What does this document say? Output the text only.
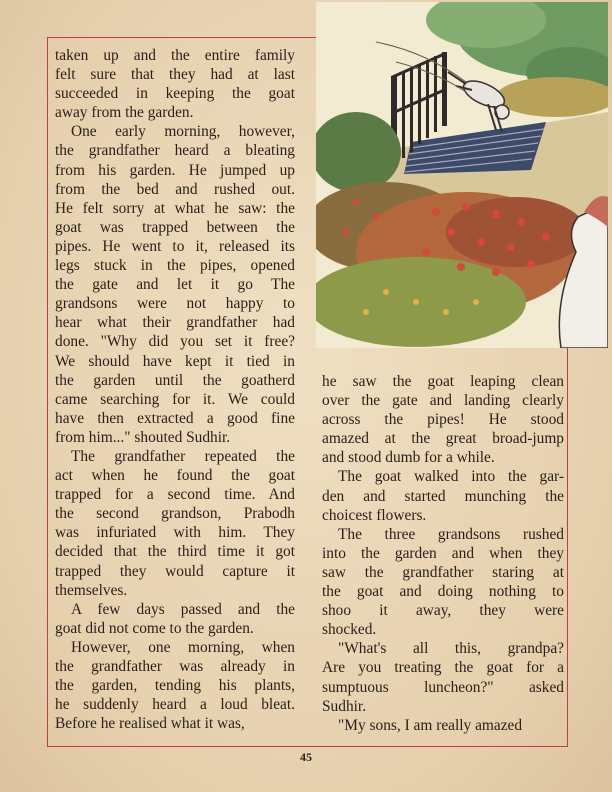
taken up and the entire family
felt sure that they had at last
succeeded in keeping the goat
away from the garden.

One early morning, however,
the grandfather heard a bleating
from his garden. He jumped up
from the bed and rushed out.
He felt sorry at what he saw: the
goat was trapped between the
pipes. He went to it, released its
legs stuck in the pipes, opened
the gate and let it go The
grandsons were not happy to
hear what their grandfather had
done. "Why did you set it free?
We should have kept it tied in
the garden until the goatherd
came searching for it. We could
have then extracted a good fine
from him..." shouted Sudhir.

The grandfather repeated the
act when he found the goat
trapped for a second time. And
the second grandson, Prabodh
was infuriated with him. They
decided that the third time it got
trapped they would capture it
themselves.

A few days passed and the
goat did not come to the garden.

However, one morning, when
the grandfather was already in
the garden, tending his plants,
he suddenly heard a loud bleat.
Before he realised what it was,

he saw the goat leaping clean
over the gate and landing clearly
across the pipes! He stood
amazed at the great broad-jump
and stood dumb for a while.

The goat walked into the gar-
den and started munching the
choicest flowers.

The three grandsons rushed
into the garden and when they
saw the grandfather staring at
the goat and doing nothing to
shoo it away, they were
shocked.

"What's all this, grandpa?
Are you treating the goat for a
sumptuous luncheon?" asked
Sudhir.

"My sons, I am really amazed

45
